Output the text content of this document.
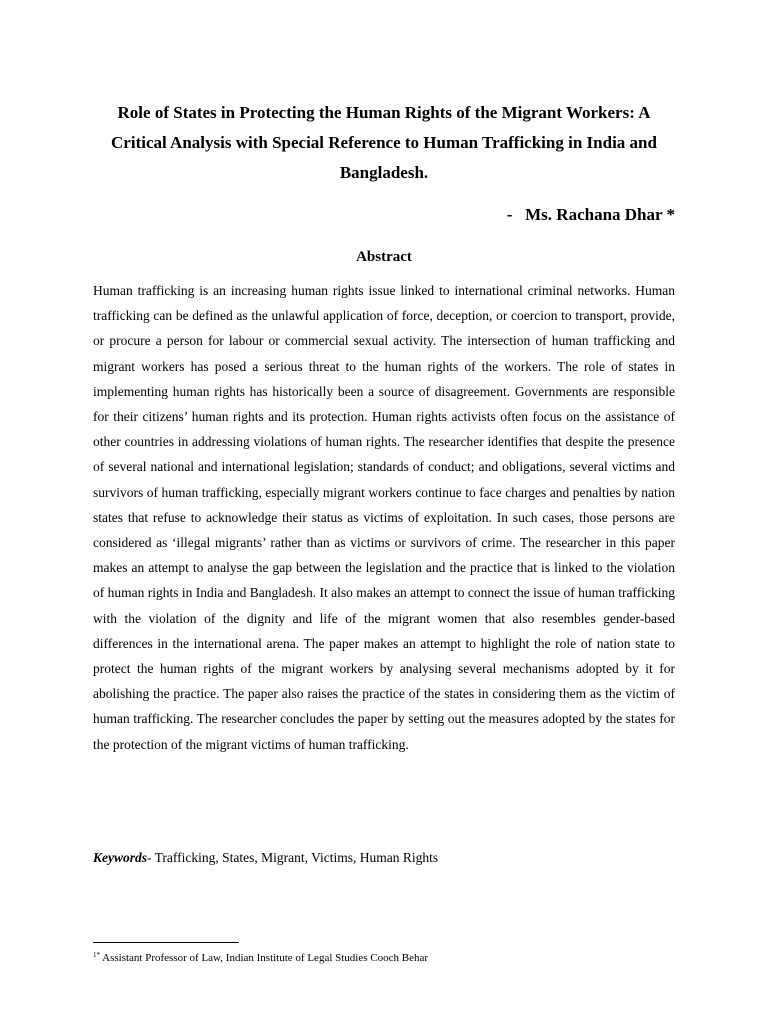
Role of States in Protecting the Human Rights of the Migrant Workers: A Critical Analysis with Special Reference to Human Trafficking in India and Bangladesh.
-   Ms. Rachana Dhar *
Abstract

Human trafficking is an increasing human rights issue linked to international criminal networks. Human trafficking can be defined as the unlawful application of force, deception, or coercion to transport, provide, or procure a person for labour or commercial sexual activity. The intersection of human trafficking and migrant workers has posed a serious threat to the human rights of the workers. The role of states in implementing human rights has historically been a source of disagreement. Governments are responsible for their citizens’ human rights and its protection. Human rights activists often focus on the assistance of other countries in addressing violations of human rights. The researcher identifies that despite the presence of several national and international legislation; standards of conduct; and obligations, several victims and survivors of human trafficking, especially migrant workers continue to face charges and penalties by nation states that refuse to acknowledge their status as victims of exploitation. In such cases, those persons are considered as ‘illegal migrants’ rather than as victims or survivors of crime. The researcher in this paper makes an attempt to analyse the gap between the legislation and the practice that is linked to the violation of human rights in India and Bangladesh. It also makes an attempt to connect the issue of human trafficking with the violation of the dignity and life of the migrant women that also resembles gender-based differences in the international arena. The paper makes an attempt to highlight the role of nation state to protect the human rights of the migrant workers by analysing several mechanisms adopted by it for abolishing the practice. The paper also raises the practice of the states in considering them as the victim of human trafficking. The researcher concludes the paper by setting out the measures adopted by the states for the protection of the migrant victims of human trafficking.

Keywords- Trafficking, States, Migrant, Victims, Human Rights

$^{1*}$ Assistant Professor of Law, Indian Institute of Legal Studies Cooch Behar
